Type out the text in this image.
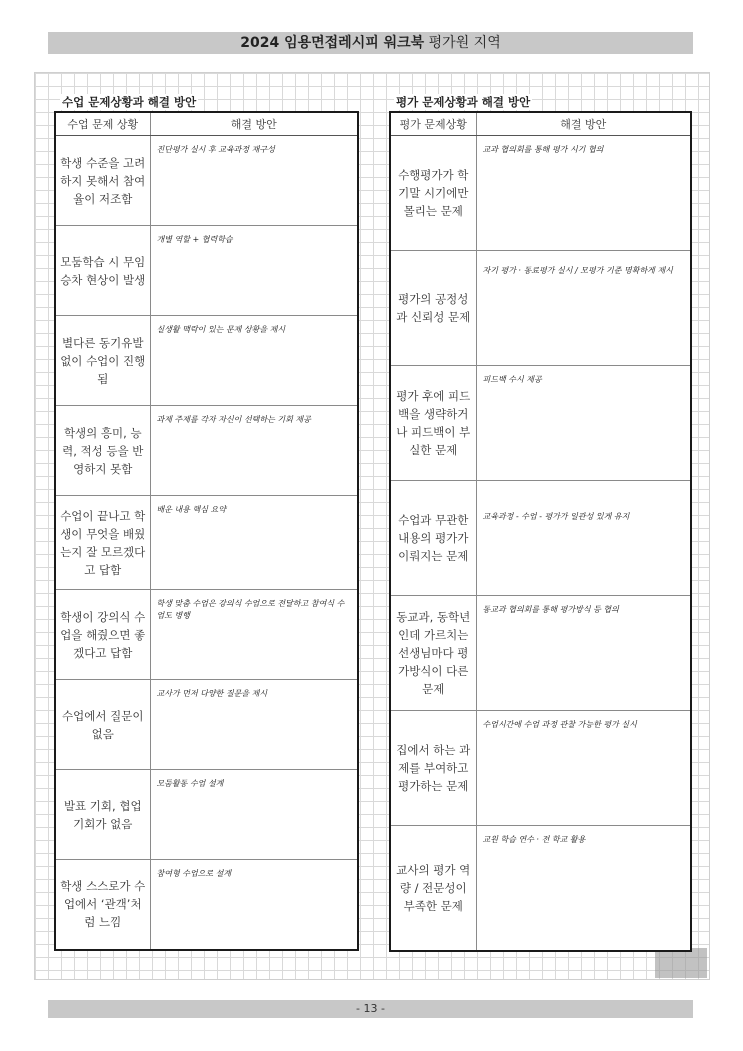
2024 임용면접레시피 워크북 평가원 지역
수업 문제상황과 해결 방안	평가 문제상황과 해결 방안
수업 문제 상황	해결 방안
학생 수준을 고려하지 못해서 참여율이 저조함	진단평가 실시 후 교육과정 재구성

모둠학습 시 무임승차 현상이 발생	개별 역할 + 협력학습

별다른 동기유발 없이 수업이 진행됨	실생활 맥락이 있는 문제 상황을 제시

학생의 흥미, 능력, 적성 등을 반영하지 못함	과제 주제를 각자 자신이 선택하는 기회 제공

수업이 끝나고 학생이 무엇을 배웠는지 잘 모르겠다고 답함	배운 내용 핵심 요약

학생이 강의식 수업을 해줬으면 좋겠다고 답함	학생 맞춤 수업은 강의식 수업으로 전달하고 참여식 수업도 병행

수업에서 질문이 없음	교사가 먼저 다양한 질문을 제시

발표 기회, 협업 기회가 없음	모둠활동 수업 설계

학생 스스로가 수업에서 ‘관객’처럼 느낌	참여형 수업으로 설계
평가 문제상황	해결 방안
수행평가가 학기말 시기에만 몰리는 문제	교과 협의회를 통해 평가 시기 협의

평가의 공정성과 신뢰성 문제	자기 평가 · 동료평가 실시 / 모평가 기준 명확하게 제시

평가 후에 피드백을 생략하거나 피드백이 부실한 문제	피드백 수시 제공

수업과 무관한 내용의 평가가 이뤄지는 문제	교육과정 - 수업 - 평가가 일관성 있게 유지

동교과, 동학년인데 가르치는 선생님마다 평가방식이 다른 문제	동교과 협의회를 통해 평가방식 등 협의

집에서 하는 과제를 부여하고 평가하는 문제	수업시간에 수업 과정 관찰 가능한 평가 실시

교사의 평가 역량 / 전문성이 부족한 문제	교원 학습 연수 · 전 학교 활용
- 13 -
